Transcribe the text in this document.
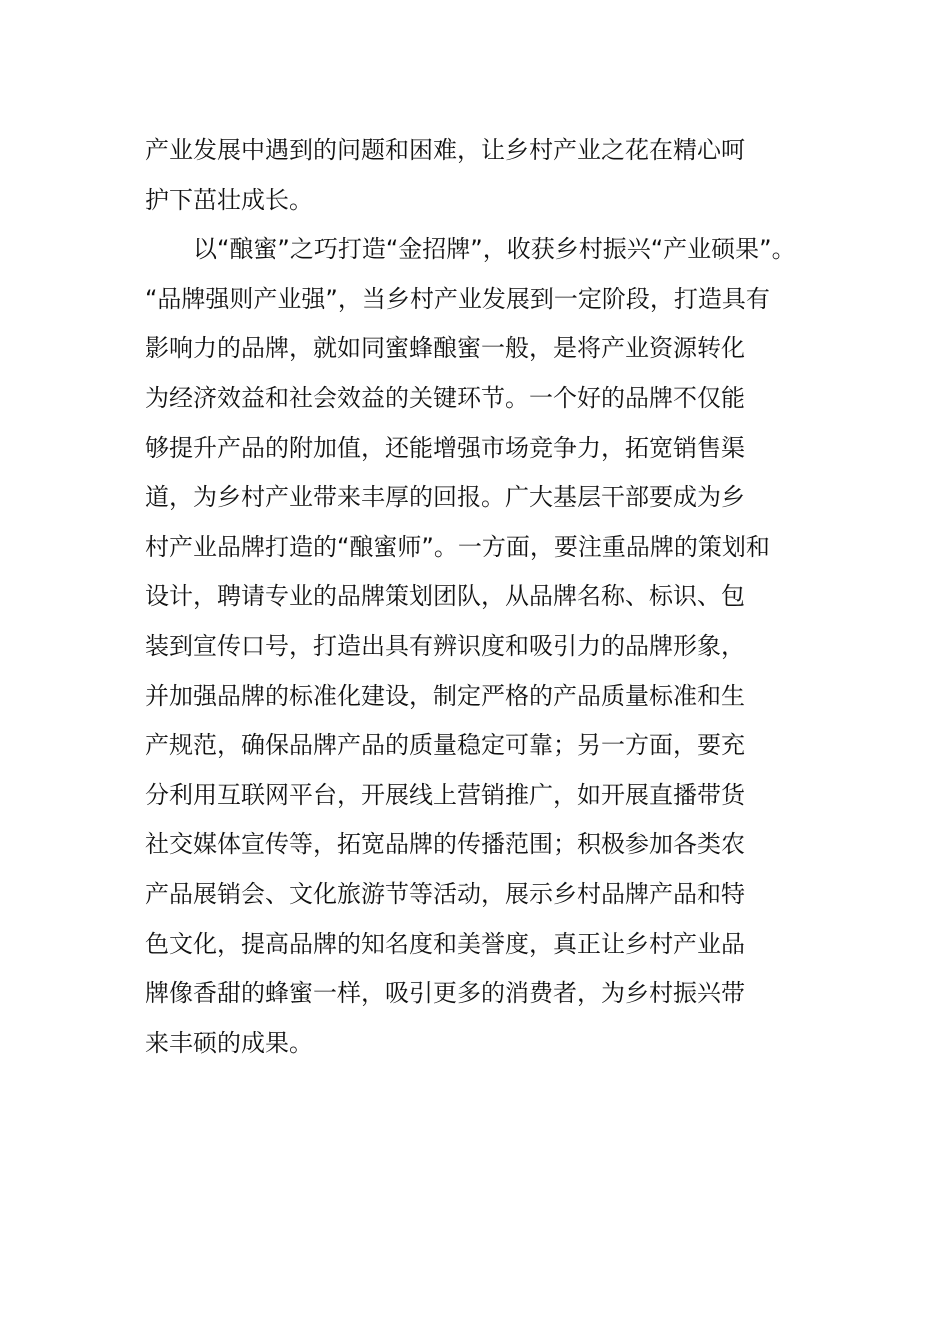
产业发展中遇到的问题和困难，让乡村产业之花在精心呵
护下茁壮成长。
　　以“酿蜜”之巧打造“金招牌”，收获乡村振兴“产业硕果”。
“品牌强则产业强”，当乡村产业发展到一定阶段，打造具有
影响力的品牌，就如同蜜蜂酿蜜一般，是将产业资源转化
为经济效益和社会效益的关键环节。一个好的品牌不仅能
够提升产品的附加值，还能增强市场竞争力，拓宽销售渠
道，为乡村产业带来丰厚的回报。广大基层干部要成为乡
村产业品牌打造的“酿蜜师”。一方面，要注重品牌的策划和
设计，聘请专业的品牌策划团队，从品牌名称、标识、包
装到宣传口号，打造出具有辨识度和吸引力的品牌形象，
并加强品牌的标准化建设，制定严格的产品质量标准和生
产规范，确保品牌产品的质量稳定可靠；另一方面，要充
分利用互联网平台，开展线上营销推广，如开展直播带货
社交媒体宣传等，拓宽品牌的传播范围；积极参加各类农
产品展销会、文化旅游节等活动，展示乡村品牌产品和特
色文化，提高品牌的知名度和美誉度，真正让乡村产业品
牌像香甜的蜂蜜一样，吸引更多的消费者，为乡村振兴带
来丰硕的成果。
